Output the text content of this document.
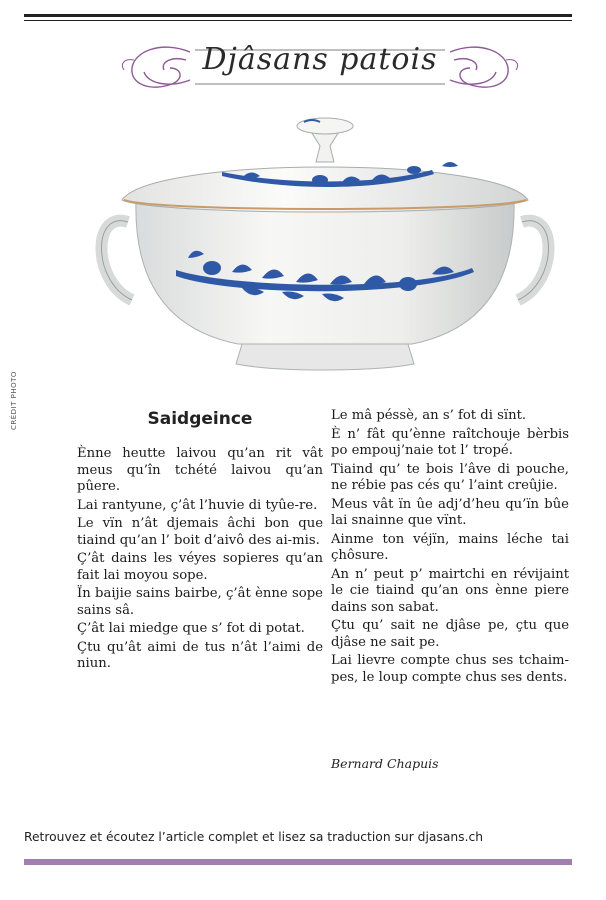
Djâsans patois
CRÉDIT PHOTO	Saidgeince

Ènne heutte laivou qu’an rit vât meus qu’în tchété laivou qu’an pûere.

Lai rantyune, ç’ât l’huvie di tyûe-re.

Le vïn n’ât djemais âchi bon que tiaind qu’an l’ boit d’aivô des ai-mis.

Ç’ât dains les véyes sopieres qu’an fait lai moyou sope.

Ïn baijie sains bairbe, ç’ât ènne sope sains sâ.

Ç’ât lai miedge que s’ fot di potat.

Çtu qu’ât aimi de tus n’ât l’aimi de niun.

Le mâ péssè, an s’ fot di sïnt.

È n’ fât qu’ènne raîtchouje bèrbis po empouj’naie tot l’ tropé.

Tiaind qu’ te bois l’âve di pouche, ne rébie pas cés qu’ l’aint creûjie.

Meus vât ïn ûe adj’d’heu qu’ïn bûe lai snainne que vïnt.

Ainme ton véjïn, mains léche tai çhôsure.

An n’ peut p’ mairtchi en révijaint le cie tiaind qu’an ons ènne piere dains son sabat.

Çtu qu’ sait ne djâse pe, çtu que djâse ne sait pe.

Lai lievre compte chus ses tchaim-pes, le loup compte chus ses dents.

Bernard Chapuis
Retrouvez et écoutez l’article complet et lisez sa traduction sur djasans.ch
